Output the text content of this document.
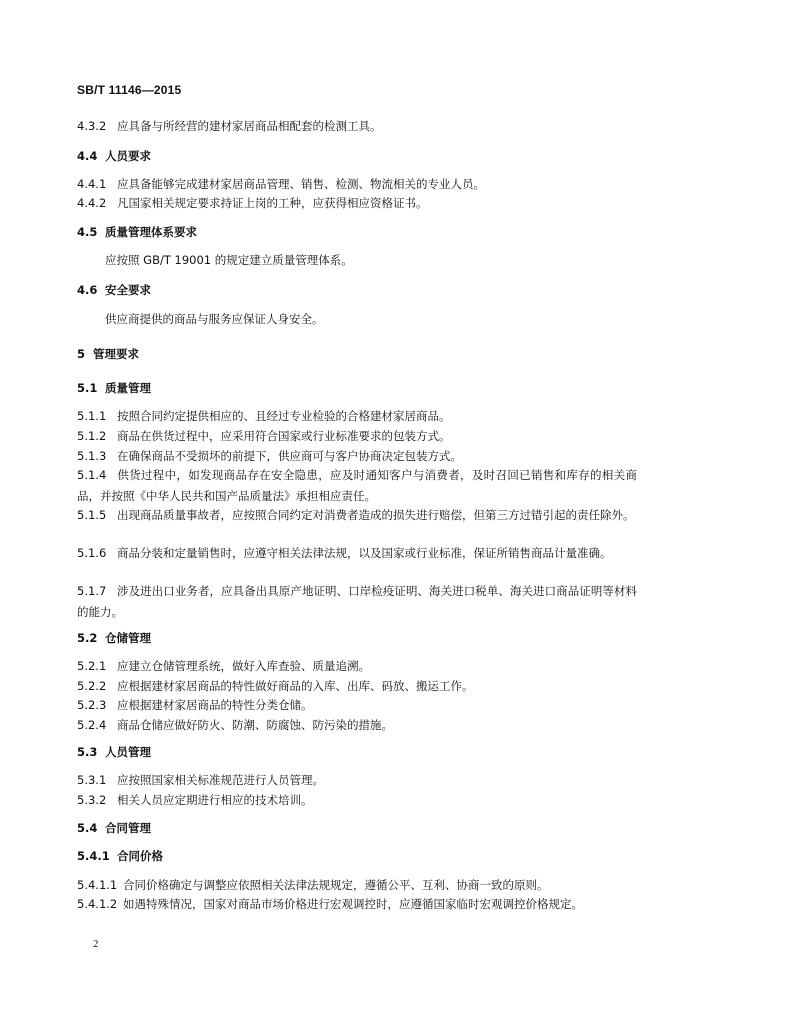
SB/T 11146—2015
4.3.2 应具备与所经营的建材家居商品相配套的检测工具。
4.4 人员要求
4.4.1 应具备能够完成建材家居商品管理、销售、检测、物流相关的专业人员。
4.4.2 凡国家相关规定要求持证上岗的工种，应获得相应资格证书。
4.5 质量管理体系要求
应按照 GB/T 19001 的规定建立质量管理体系。
4.6 安全要求
供应商提供的商品与服务应保证人身安全。
5 管理要求
5.1 质量管理
5.1.1 按照合同约定提供相应的、且经过专业检验的合格建材家居商品。
5.1.2 商品在供货过程中，应采用符合国家或行业标准要求的包装方式。
5.1.3 在确保商品不受损坏的前提下，供应商可与客户协商决定包装方式。
5.1.4 供货过程中，如发现商品存在安全隐患，应及时通知客户与消费者，及时召回已销售和库存的相关商品，并按照《中华人民共和国产品质量法》承担相应责任。
5.1.5 出现商品质量事故者，应按照合同约定对消费者造成的损失进行赔偿，但第三方过错引起的责任除外。
5.1.6 商品分装和定量销售时，应遵守相关法律法规，以及国家或行业标准，保证所销售商品计量准确。
5.1.7 涉及进出口业务者，应具备出具原产地证明、口岸检疫证明、海关进口税单、海关进口商品证明等材料的能力。
5.2 仓储管理
5.2.1 应建立仓储管理系统，做好入库查验、质量追溯。
5.2.2 应根据建材家居商品的特性做好商品的入库、出库、码放、搬运工作。
5.2.3 应根据建材家居商品的特性分类仓储。
5.2.4 商品仓储应做好防火、防潮、防腐蚀、防污染的措施。
5.3 人员管理
5.3.1 应按照国家相关标准规范进行人员管理。
5.3.2 相关人员应定期进行相应的技术培训。
5.4 合同管理
5.4.1 合同价格
5.4.1.1 合同价格确定与调整应依照相关法律法规规定，遵循公平、互利、协商一致的原则。
5.4.1.2 如遇特殊情况，国家对商品市场价格进行宏观调控时，应遵循国家临时宏观调控价格规定。
2
